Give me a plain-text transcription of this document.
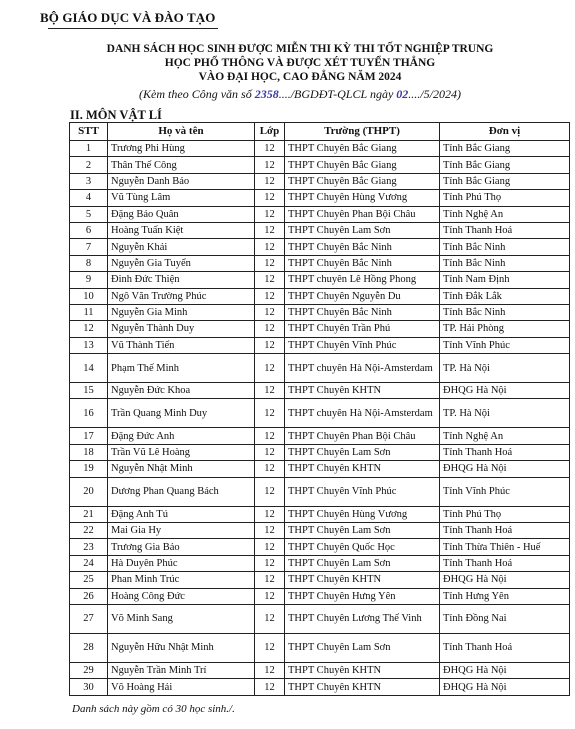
BỘ GIÁO DỤC VÀ ĐÀO TẠO
DANH SÁCH HỌC SINH ĐƯỢC MIỄN THI KỲ THI TỐT NGHIỆP TRUNG
HỌC PHỔ THÔNG VÀ ĐƯỢC XÉT TUYỂN THẲNG
VÀO ĐẠI HỌC, CAO ĐẲNG NĂM 2024
(Kèm theo Công văn số 2358..../BGDĐT-QLCL ngày 02..../5/2024)
II. MÔN VẬT LÍ
STT	Họ và tên	Lớp	Trường (THPT)	Đơn vị
1	Trương Phi Hùng	12	THPT Chuyên Bắc Giang	Tỉnh Bắc Giang
2	Thân Thế Công	12	THPT Chuyên Bắc Giang	Tỉnh Bắc Giang
3	Nguyễn Danh Bảo	12	THPT Chuyên Bắc Giang	Tỉnh Bắc Giang
4	Vũ Tùng Lâm	12	THPT Chuyên Hùng Vương	Tỉnh Phú Thọ
5	Đặng Bảo Quân	12	THPT Chuyên Phan Bội Châu	Tỉnh Nghệ An
6	Hoàng Tuấn Kiệt	12	THPT Chuyên Lam Sơn	Tỉnh Thanh Hoá
7	Nguyễn Khải	12	THPT Chuyên Bắc Ninh	Tỉnh Bắc Ninh
8	Nguyễn Gia Tuyển	12	THPT Chuyên Bắc Ninh	Tỉnh Bắc Ninh
9	Đinh Đức Thiện	12	THPT chuyên Lê Hồng Phong	Tỉnh Nam Định
10	Ngô Văn Trường Phúc	12	THPT Chuyên Nguyễn Du	Tỉnh Đắk Lắk
11	Nguyễn Gia Minh	12	THPT Chuyên Bắc Ninh	Tỉnh Bắc Ninh
12	Nguyễn Thành Duy	12	THPT Chuyên Trần Phú	TP. Hải Phòng
13	Vũ Thành Tiến	12	THPT Chuyên Vĩnh Phúc	Tỉnh Vĩnh Phúc
14	Phạm Thế Minh	12	THPT chuyên Hà Nội-Amsterdam	TP. Hà Nội
15	Nguyễn Đức Khoa	12	THPT Chuyên KHTN	ĐHQG Hà Nội
16	Trần Quang Minh Duy	12	THPT chuyên Hà Nội-Amsterdam	TP. Hà Nội
17	Đặng Đức Anh	12	THPT Chuyên Phan Bội Châu	Tỉnh Nghệ An
18	Trần Vũ Lê Hoàng	12	THPT Chuyên Lam Sơn	Tỉnh Thanh Hoá
19	Nguyễn Nhật Minh	12	THPT Chuyên KHTN	ĐHQG Hà Nội
20	Dương Phan Quang Bách	12	THPT Chuyên Vĩnh Phúc	Tỉnh Vĩnh Phúc
21	Đặng Anh Tú	12	THPT Chuyên Hùng Vương	Tỉnh Phú Thọ
22	Mai Gia Hy	12	THPT Chuyên Lam Sơn	Tỉnh Thanh Hoá
23	Trương Gia Bảo	12	THPT Chuyên Quốc Học	Tỉnh Thừa Thiên - Huế
24	Hà Duyên Phúc	12	THPT Chuyên Lam Sơn	Tỉnh Thanh Hoá
25	Phan Minh Trúc	12	THPT Chuyên KHTN	ĐHQG Hà Nội
26	Hoàng Công Đức	12	THPT Chuyên Hưng Yên	Tỉnh Hưng Yên
27	Võ Minh Sang	12	THPT Chuyên Lương Thế Vinh	Tỉnh Đồng Nai
28	Nguyễn Hữu Nhật Minh	12	THPT Chuyên Lam Sơn	Tỉnh Thanh Hoá
29	Nguyễn Trần Minh Trí	12	THPT Chuyên KHTN	ĐHQG Hà Nội
30	Võ Hoàng Hải	12	THPT Chuyên KHTN	ĐHQG Hà Nội
Danh sách này gồm có 30 học sinh./.
